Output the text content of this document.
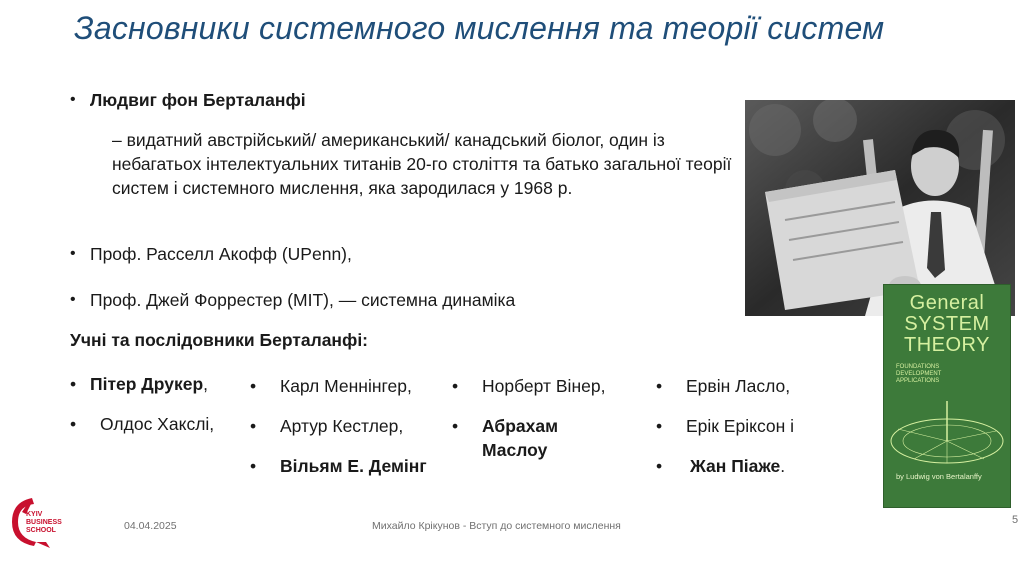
Засновники системного мислення та теорії систем
• Людвиг фон Берталанфі
– видатний австрійський/ американський/ канадський біолог, один із небагатьох інтелектуальних титанів 20-го століття та батько загальної теорії систем і системного мислення, яка зародилася у 1968 р.
• Проф. Расселл Акофф (UPenn),
• Проф. Джей Форрестер (MIT), — системна динаміка
Учні та послідовники Берталанфі:
• Пітер Друкер,
• Олдос Хакслі,
• Карл Меннінгер,
• Артур Кестлер,
• Вільям Е. Демінг
• Норберт Вінер,
• Абрахам Маслоу
• Ервін Ласло,
• Ерік Еріксон і
• Жан Піаже.
General
SYSTEM
THEORY
FOUNDATIONS
DEVELOPMENT
APPLICATIONS
by Ludwig von Bertalanffy
KYIV
BUSINESS
SCHOOL	04.04.2025	Михайло Крікунов - Вступ до системного мислення	5
